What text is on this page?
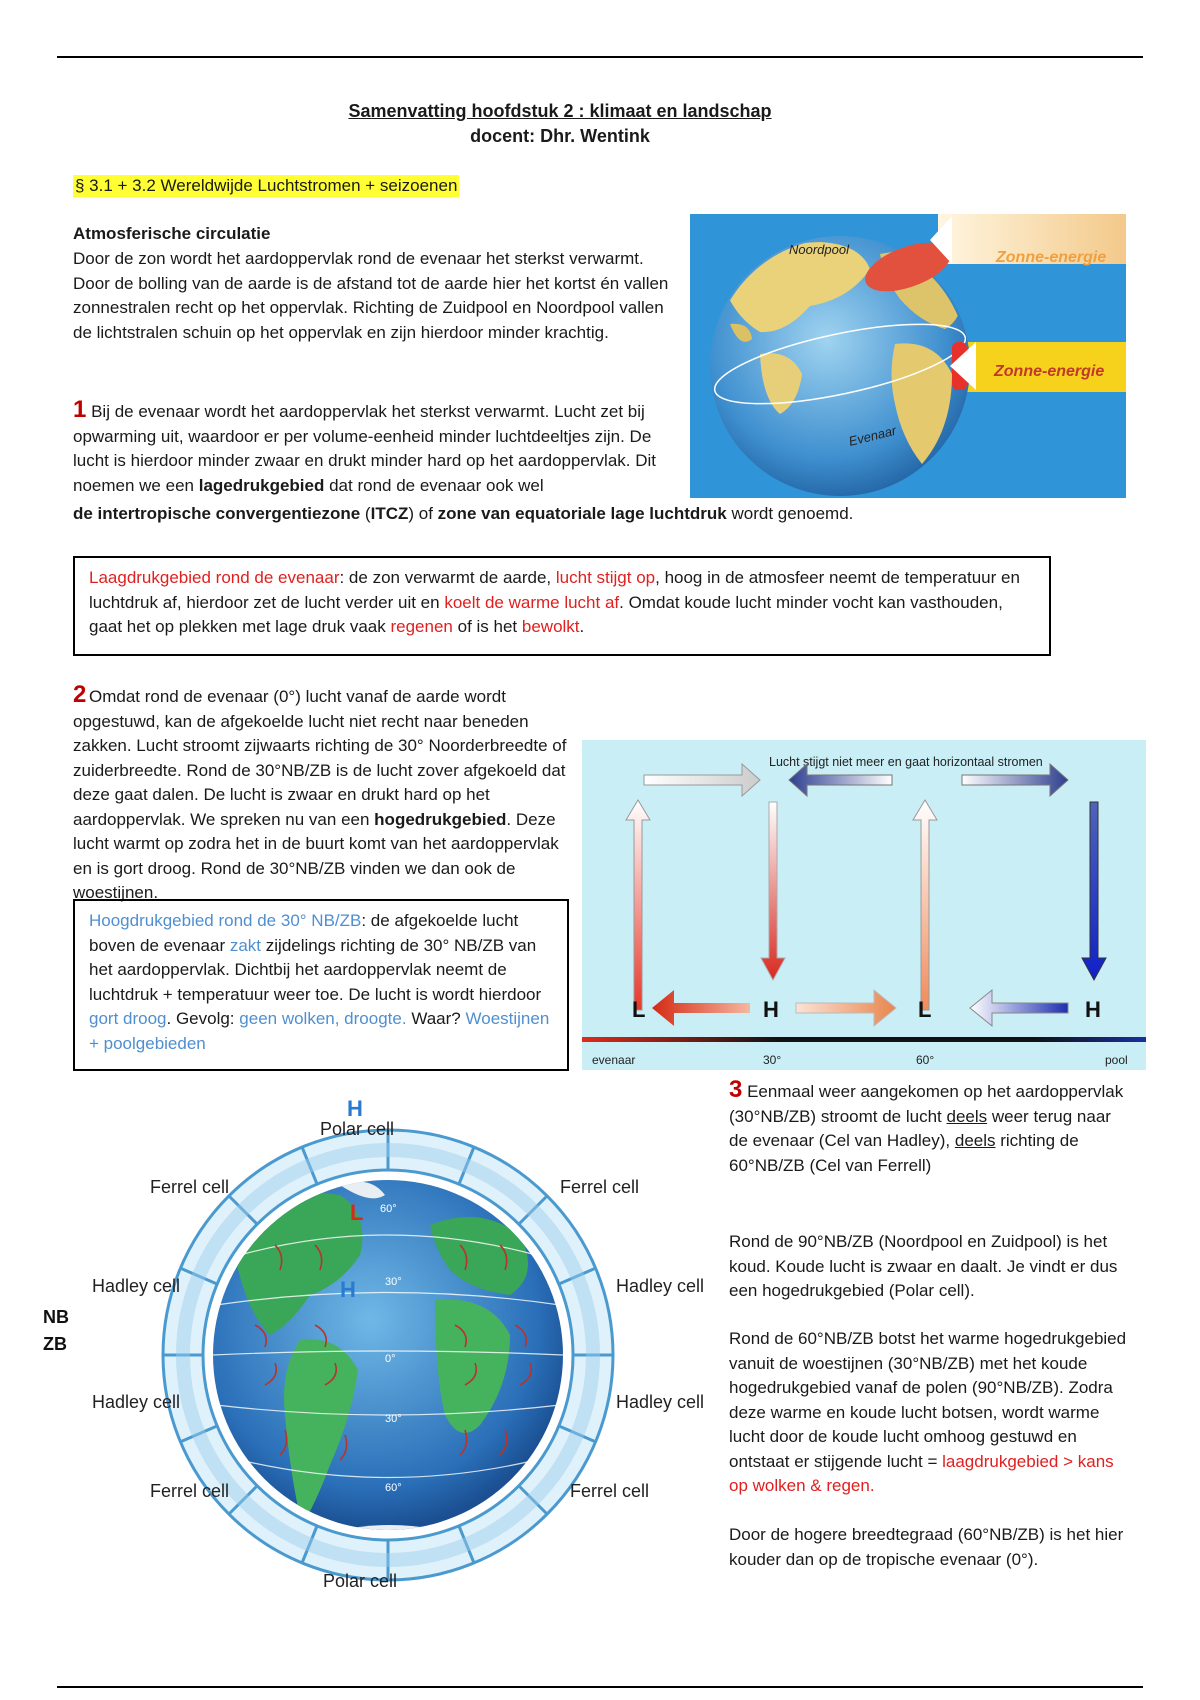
Samenvatting hoofdstuk 2 : klimaat en landschap
docent: Dhr. Wentink
§ 3.1 + 3.2 Wereldwijde Luchtstromen + seizoenen
Atmosferische circulatie
Door de zon wordt het aardoppervlak rond de evenaar het sterkst verwarmt. Door de bolling van de aarde is de afstand tot de aarde hier het kortst én vallen zonnestralen recht op het oppervlak. Richting de Zuidpool en Noordpool vallen de lichtstralen schuin op het oppervlak en zijn hierdoor minder krachtig.
1 Bij de evenaar wordt het aardoppervlak het sterkst verwarmt. Lucht zet bij opwarming uit, waardoor er per volume-eenheid minder luchtdeeltjes zijn. De lucht is hierdoor minder zwaar en drukt minder hard op het aardoppervlak. Dit noemen we een lagedrukgebied dat rond de evenaar ook wel
de intertropische convergentiezone (ITCZ) of zone van equatoriale lage luchtdruk wordt genoemd.
Noordpool
Evenaar
Zonne-energie
Zonne-energie
Laagdrukgebied rond de evenaar: de zon verwarmt de aarde, lucht stijgt op, hoog in de atmosfeer neemt de temperatuur en luchtdruk af, hierdoor zet de lucht verder uit en koelt de warme lucht af. Omdat koude lucht minder vocht kan vasthouden, gaat het op plekken met lage druk vaak regenen of is het bewolkt.
2 Omdat rond de evenaar (0°) lucht vanaf de aarde wordt opgestuwd, kan de afgekoelde lucht niet recht naar beneden zakken. Lucht stroomt zijwaarts richting de 30° Noorderbreedte of zuiderbreedte. Rond de 30°NB/ZB is de lucht zover afgekoeld dat deze gaat dalen. De lucht is zwaar en drukt hard op het aardoppervlak. We spreken nu van een hogedrukgebied. Deze lucht warmt op zodra het in de buurt komt van het aardoppervlak en is gort droog. Rond de 30°NB/ZB vinden we dan ook de woestijnen.
Lucht stijgt niet meer en gaat horizontaal stromen
L	H	L	H
evenaar	30°	60°	pool
Hoogdrukgebied rond de 30° NB/ZB: de afgekoelde lucht boven de evenaar zakt zijdelings richting de 30° NB/ZB van het aardoppervlak. Dichtbij het aardoppervlak neemt de luchtdruk + temperatuur weer toe. De lucht is wordt hierdoor gort droog. Gevolg: geen wolken, droogte. Waar? Woestijnen + poolgebieden
H
Polar cell
Polar cell
Ferrel cell	Ferrel cell
Ferrel cell	Ferrel cell
Hadley cell	Hadley cell
Hadley cell	Hadley cell
NB
ZB
L
H
60°
30°
0°
30°
60°
3 Eenmaal weer aangekomen op het aardoppervlak (30°NB/ZB) stroomt de lucht deels weer terug naar de evenaar (Cel van Hadley), deels richting de 60°NB/ZB (Cel van Ferrell)
Rond de 90°NB/ZB (Noordpool en Zuidpool) is het koud. Koude lucht is zwaar en daalt. Je vindt er dus een hogedrukgebied (Polar cell).
Rond de 60°NB/ZB botst het warme hogedrukgebied vanuit de woestijnen (30°NB/ZB) met het koude hogedrukgebied vanaf de polen (90°NB/ZB). Zodra deze warme en koude lucht botsen, wordt warme lucht door de koude lucht omhoog gestuwd en ontstaat er stijgende lucht = laagdrukgebied > kans op wolken & regen.
Door de hogere breedtegraad (60°NB/ZB) is het hier kouder dan op de tropische evenaar (0°).
